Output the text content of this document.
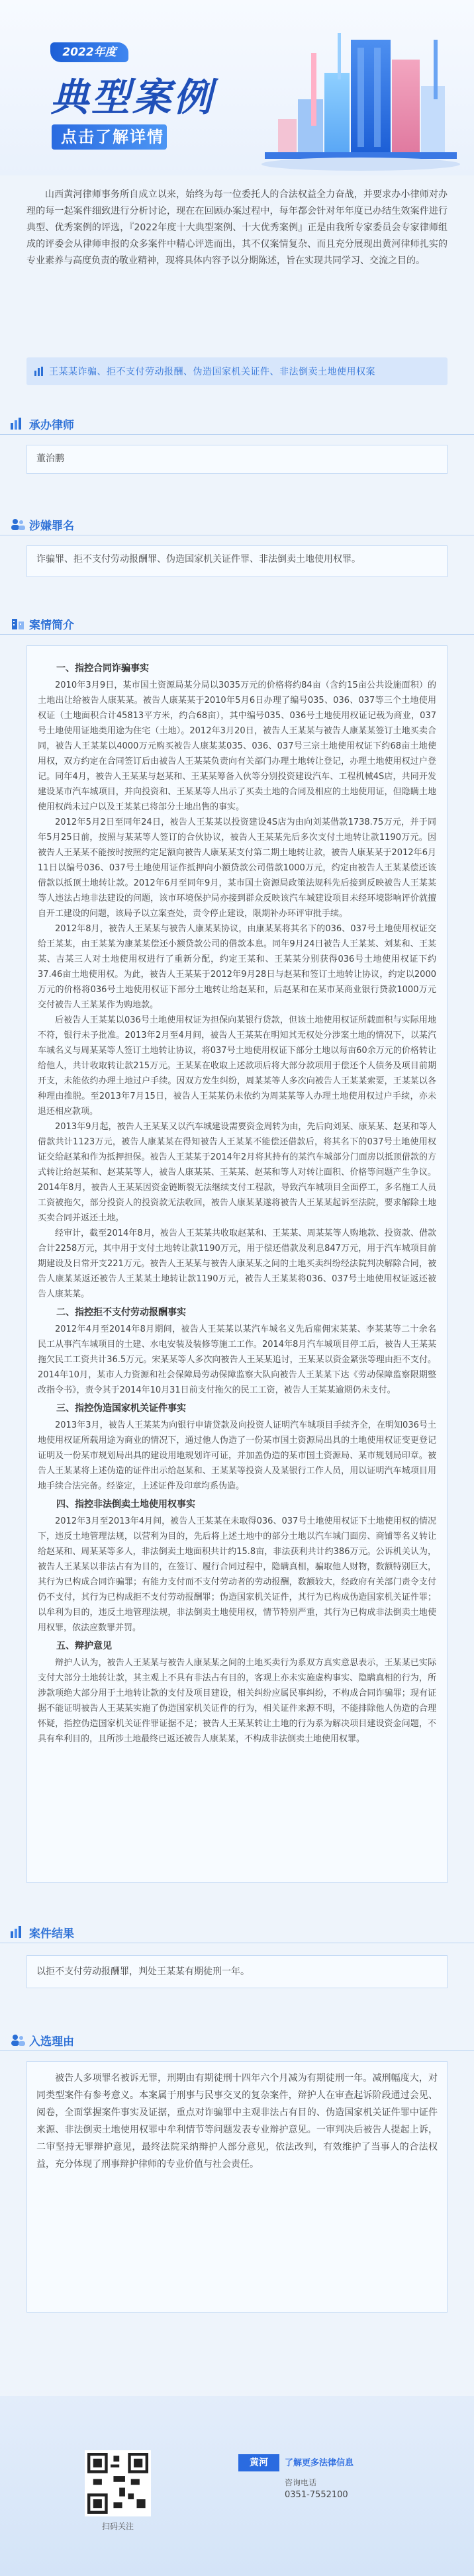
2022年度
典型案例
点击了解详情
山西黄河律师事务所自成立以来，始终为每一位委托人的合法权益全力奋战，并要求办小律师对办理的每一起案件细致进行分析讨论，现在在回顾办案过程中，每年都会针对年年度已办结生效案件进行典型、优秀案例的评选，『2022年度十大典型案例、十大优秀案例』正是由我所专家委员会专家律师组成的评委会从律师申报的众多案件中精心评选而出，其不仅案情复杂、而且充分展现出黄河律师扎实的专业素养与高度负责的敬业精神，现将具体内容予以分期陈述，旨在实现共同学习、交流之目的。
王某某诈骗、拒不支付劳动报酬、伪造国家机关证件、非法倒卖土地使用权案
承办律师
董治鹏
涉嫌罪名
诈骗罪、拒不支付劳动报酬罪、伪造国家机关证件罪、非法倒卖土地使用权罪。
案情简介
一、指控合同诈骗事实

2010年3月9日，某市国土资源局某分局以3035万元的价格将约84亩（含约15亩公共设施面积）的土地出让给被告人康某某。被告人康某某于2010年5月6日办理了编号035、036、037等三个土地使用权证（土地面积合计45813平方米，约合68亩），其中编号035、036号土地使用权证记载为商业，037号土地使用证地类用途为住宅（土地）。2012年3月20日，被告人王某某与被告人康某某签订土地买卖合同，被告人王某某以4000万元购买被告人康某某035、036、037号三宗土地使用权证下约68亩土地使用权，双方约定在合同签订后由被告人王某某负责向有关部门办理土地转让登记，办理土地使用权过户登记。同年4月，被告人王某某与赵某和、王某某筹备入伙等分别投资建设汽车、工程机械4S店，共同开发建设某市汽车城项目，并向投资和、王某某等人出示了买卖土地的合同及相应的土地使用证，但隐瞒土地使用权尚未过户以及王某某已将部分土地出售的事实。

2012年5月2日至同年24日，被告人王某某以投资建设4S店为由向刘某借款1738.75万元，并于同年5月25日前，按照与某某等人签订的合伙协议，被告人王某某先后多次支付土地转让款1190万元。因被告人王某某不能按时按照约定足额向被告人康某某支付第二期土地转让款，被告人康某某于2012年6月11日以编号036、037号土地使用证作抵押向小额贷款公司借款1000万元，约定由被告人王某某偿还该借款以抵顶土地转让款。2012年6月至同年9月，某市国土资源局政策法规科先后接到反映被告人王某某等人违法占地非法建设的问题，该市环境保护局亦接到群众反映该汽车城建设项目未经环境影响评价就擅自开工建设的问题，该局予以立案查处，责令停止建设，限期补办环评审批手续。

2012年8月，被告人王某某与被告人康某某协议，由康某某将其名下的036、037号土地使用权证交给王某某，由王某某为康某某偿还小额贷款公司的借款本息。同年9月24日被告人王某某、刘某和、王某某、吉某三人对土地使用权进行了重新分配，约定王某和、王某某分别获得036号土地使用权证下约37.46亩土地使用权。为此，被告人王某某于2012年9月28日与赵某和签订土地转让协议，约定以2000万元的价格将036号土地使用权证下部分土地转让给赵某和，后赵某和在某市某商业银行贷款1000万元交付被告人王某某作为购地款。

后被告人王某某以036号土地使用权证为担保向某银行贷款，但该土地使用权证所载面积与实际用地不符，银行未予批准。2013年2月至4月间，被告人王某某在明知其无权处分涉案土地的情况下，以某汽车城名义与周某某等人签订土地转让协议，将037号土地使用权证下部分土地以每亩60余万元的价格转让给他人，共计收取转让款215万元。王某某在收取上述款项后将大部分款项用于偿还个人债务及项目前期开支，未能依约办理土地过户手续。因双方发生纠纷，周某某等人多次向被告人王某某索要，王某某以各种理由推脱。至2013年7月15日，被告人王某某仍未依约为周某某等人办理土地使用权过户手续，亦未退还相应款项。

2013年9月起，被告人王某某又以汽车城建设需要资金周转为由，先后向刘某、康某某、赵某和等人借款共计1123万元，被告人康某某在得知被告人王某某不能偿还借款后，将其名下的037号土地使用权证交给赵某和作为抵押担保。被告人王某某于2014年2月将其持有的某汽车城部分门面房以抵顶借款的方式转让给赵某和、赵某某等人，被告人康某某、王某某、赵某和等人对转让面积、价格等问题产生争议。2014年8月，被告人王某某因资金链断裂无法继续支付工程款，导致汽车城项目全面停工，多名施工人员工资被拖欠，部分投资人的投资款无法收回，被告人康某某遂将被告人王某某起诉至法院，要求解除土地买卖合同并返还土地。

经审计，截至2014年8月，被告人王某某共收取赵某和、王某某、周某某等人购地款、投资款、借款合计2258万元，其中用于支付土地转让款1190万元，用于偿还借款及利息847万元，用于汽车城项目前期建设及日常开支221万元。被告人王某某与被告人康某某之间的土地买卖纠纷经法院判决解除合同，被告人康某某返还被告人王某某土地转让款1190万元，被告人王某某将036、037号土地使用权证返还被告人康某某。

二、指控拒不支付劳动报酬事实

2012年4月至2014年8月期间，被告人王某某以某汽车城名义先后雇佣宋某某、李某某等二十余名民工从事汽车城项目的土建、水电安装及装修等施工工作。2014年8月汽车城项目停工后，被告人王某某拖欠民工工资共计36.5万元。宋某某等人多次向被告人王某某追讨，王某某以资金紧张等理由拒不支付。2014年10月，某市人力资源和社会保障局劳动保障监察大队向被告人王某某下达《劳动保障监察限期整改指令书》，责令其于2014年10月31日前支付拖欠的民工工资，被告人王某某逾期仍未支付。

三、指控伪造国家机关证件事实

2013年3月，被告人王某某为向银行申请贷款及向投资人证明汽车城项目手续齐全，在明知036号土地使用权证所载用途为商业的情况下，通过他人伪造了一份某市国土资源局出具的土地使用权证变更登记证明及一份某市规划局出具的建设用地规划许可证，并加盖伪造的某市国土资源局、某市规划局印章。被告人王某某将上述伪造的证件出示给赵某和、王某某等投资人及某银行工作人员，用以证明汽车城项目用地手续合法完备。经鉴定，上述证件及印章均系伪造。

四、指控非法倒卖土地使用权事实

2012年3月至2013年4月间，被告人王某某在未取得036、037号土地使用权证下土地使用权的情况下，违反土地管理法规，以营利为目的，先后将上述土地中的部分土地以汽车城门面房、商铺等名义转让给赵某和、周某某等多人，非法倒卖土地面积共计约15.8亩，非法获利共计约386万元。公诉机关认为，被告人王某某以非法占有为目的，在签订、履行合同过程中，隐瞒真相，骗取他人财物，数额特别巨大，其行为已构成合同诈骗罪；有能力支付而不支付劳动者的劳动报酬，数额较大，经政府有关部门责令支付仍不支付，其行为已构成拒不支付劳动报酬罪；伪造国家机关证件，其行为已构成伪造国家机关证件罪；以牟利为目的，违反土地管理法规，非法倒卖土地使用权，情节特别严重，其行为已构成非法倒卖土地使用权罪，依法应数罪并罚。

五、辩护意见

辩护人认为，被告人王某某与被告人康某某之间的土地买卖行为系双方真实意思表示，王某某已实际支付大部分土地转让款，其主观上不具有非法占有目的，客观上亦未实施虚构事实、隐瞒真相的行为，所涉款项绝大部分用于土地转让款的支付及项目建设，相关纠纷应属民事纠纷，不构成合同诈骗罪；现有证据不能证明被告人王某某实施了伪造国家机关证件的行为，相关证件来源不明，不能排除他人伪造的合理怀疑，指控伪造国家机关证件罪证据不足；被告人王某某转让土地的行为系为解决项目建设资金问题，不具有牟利目的，且所涉土地最终已返还被告人康某某，不构成非法倒卖土地使用权罪。

案件结果
以拒不支付劳动报酬罪，判处王某某有期徒刑一年。
入选理由
被告人多项罪名被诉无罪，刑期由有期徒刑十四年六个月减为有期徒刑一年。减刑幅度大，对同类型案件有参考意义。本案属于刑事与民事交叉的复杂案件，辩护人在审查起诉阶段通过会见、阅卷，全面掌握案件事实及证据，重点对诈骗罪中主观非法占有目的、伪造国家机关证件罪中证件来源、非法倒卖土地使用权罪中牟利情节等问题发表专业辩护意见。一审判决后被告人提起上诉，二审坚持无罪辩护意见，最终法院采纳辩护人部分意见，依法改判，有效维护了当事人的合法权益，充分体现了刑事辩护律师的专业价值与社会责任。
扫码关注
黄河	了解更多法律信息
咨询电话
0351-7552100
